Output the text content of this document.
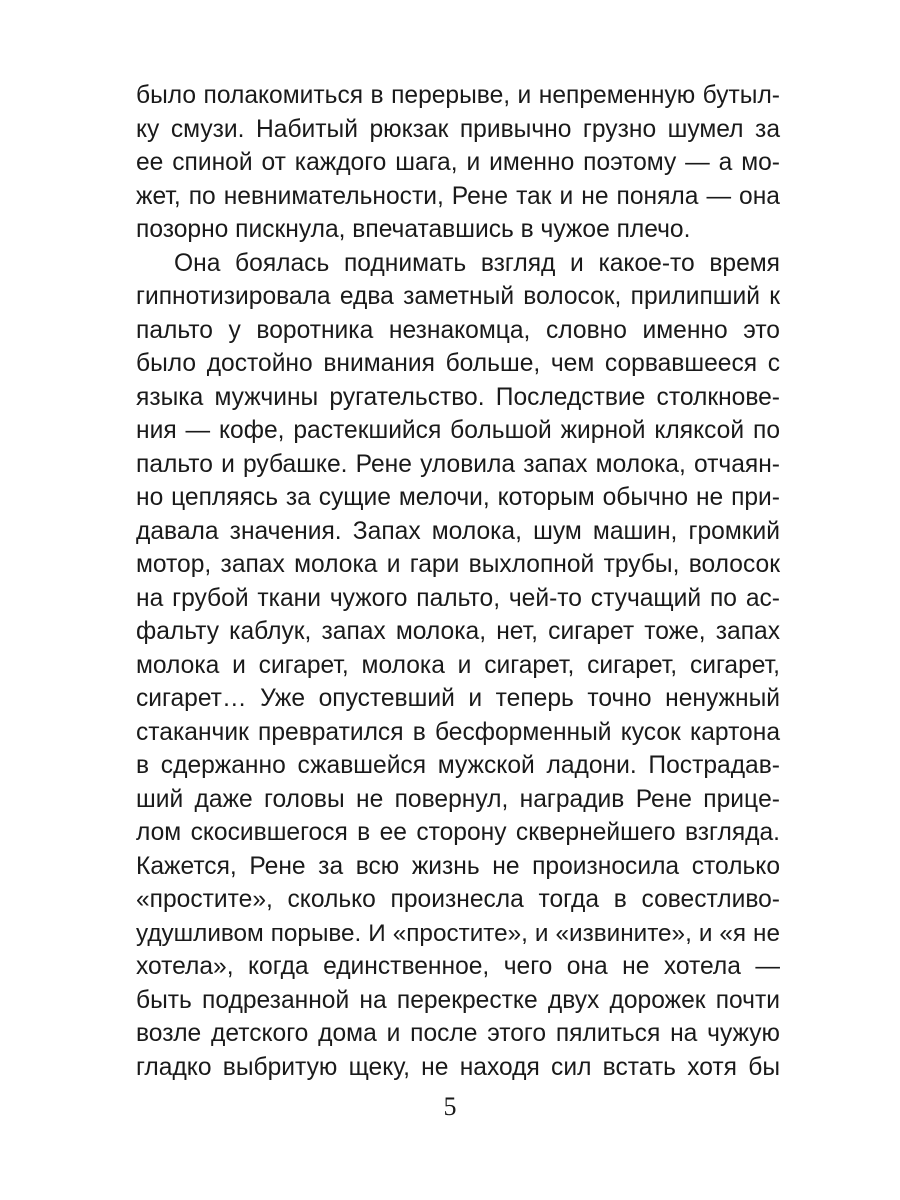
было полакомиться в перерыве, и непременную бутыл-
ку смузи. Набитый рюкзак привычно грузно шумел за
ее спиной от каждого шага, и именно поэтому — а мо-
жет, по невнимательности, Рене так и не поняла — она
позорно пискнула, впечатавшись в чужое плечо.
Она боялась поднимать взгляд и какое-то время
гипнотизировала едва заметный волосок, прилипший к
пальто у воротника незнакомца, словно именно это
было достойно внимания больше, чем сорвавшееся с
языка мужчины ругательство. Последствие столкнове-
ния — кофе, растекшийся большой жирной кляксой по
пальто и рубашке. Рене уловила запах молока, отчаян-
но цепляясь за сущие мелочи, которым обычно не при-
давала значения. Запах молока, шум машин, громкий
мотор, запах молока и гари выхлопной трубы, волосок
на грубой ткани чужого пальто, чей-то стучащий по ас-
фальту каблук, запах молока, нет, сигарет тоже, запах
молока и сигарет, молока и сигарет, сигарет, сигарет,
сигарет… Уже опустевший и теперь точно ненужный
стаканчик превратился в бесформенный кусок картона
в сдержанно сжавшейся мужской ладони. Пострадав-
ший даже головы не повернул, наградив Рене прицe-
лом скосившегося в ее сторону сквернейшего взгляда.
Кажется, Рене за всю жизнь не произносила столько
«простите», сколько произнесла тогда в совестливо-
удушливом порыве. И «простите», и «извините», и «я не
хотела», когда единственное, чего она не хотела —
быть подрезанной на перекрестке двух дорожек почти
возле детского дома и после этого пялиться на чужую
гладко выбритую щеку, не находя сил встать хотя бы
5
